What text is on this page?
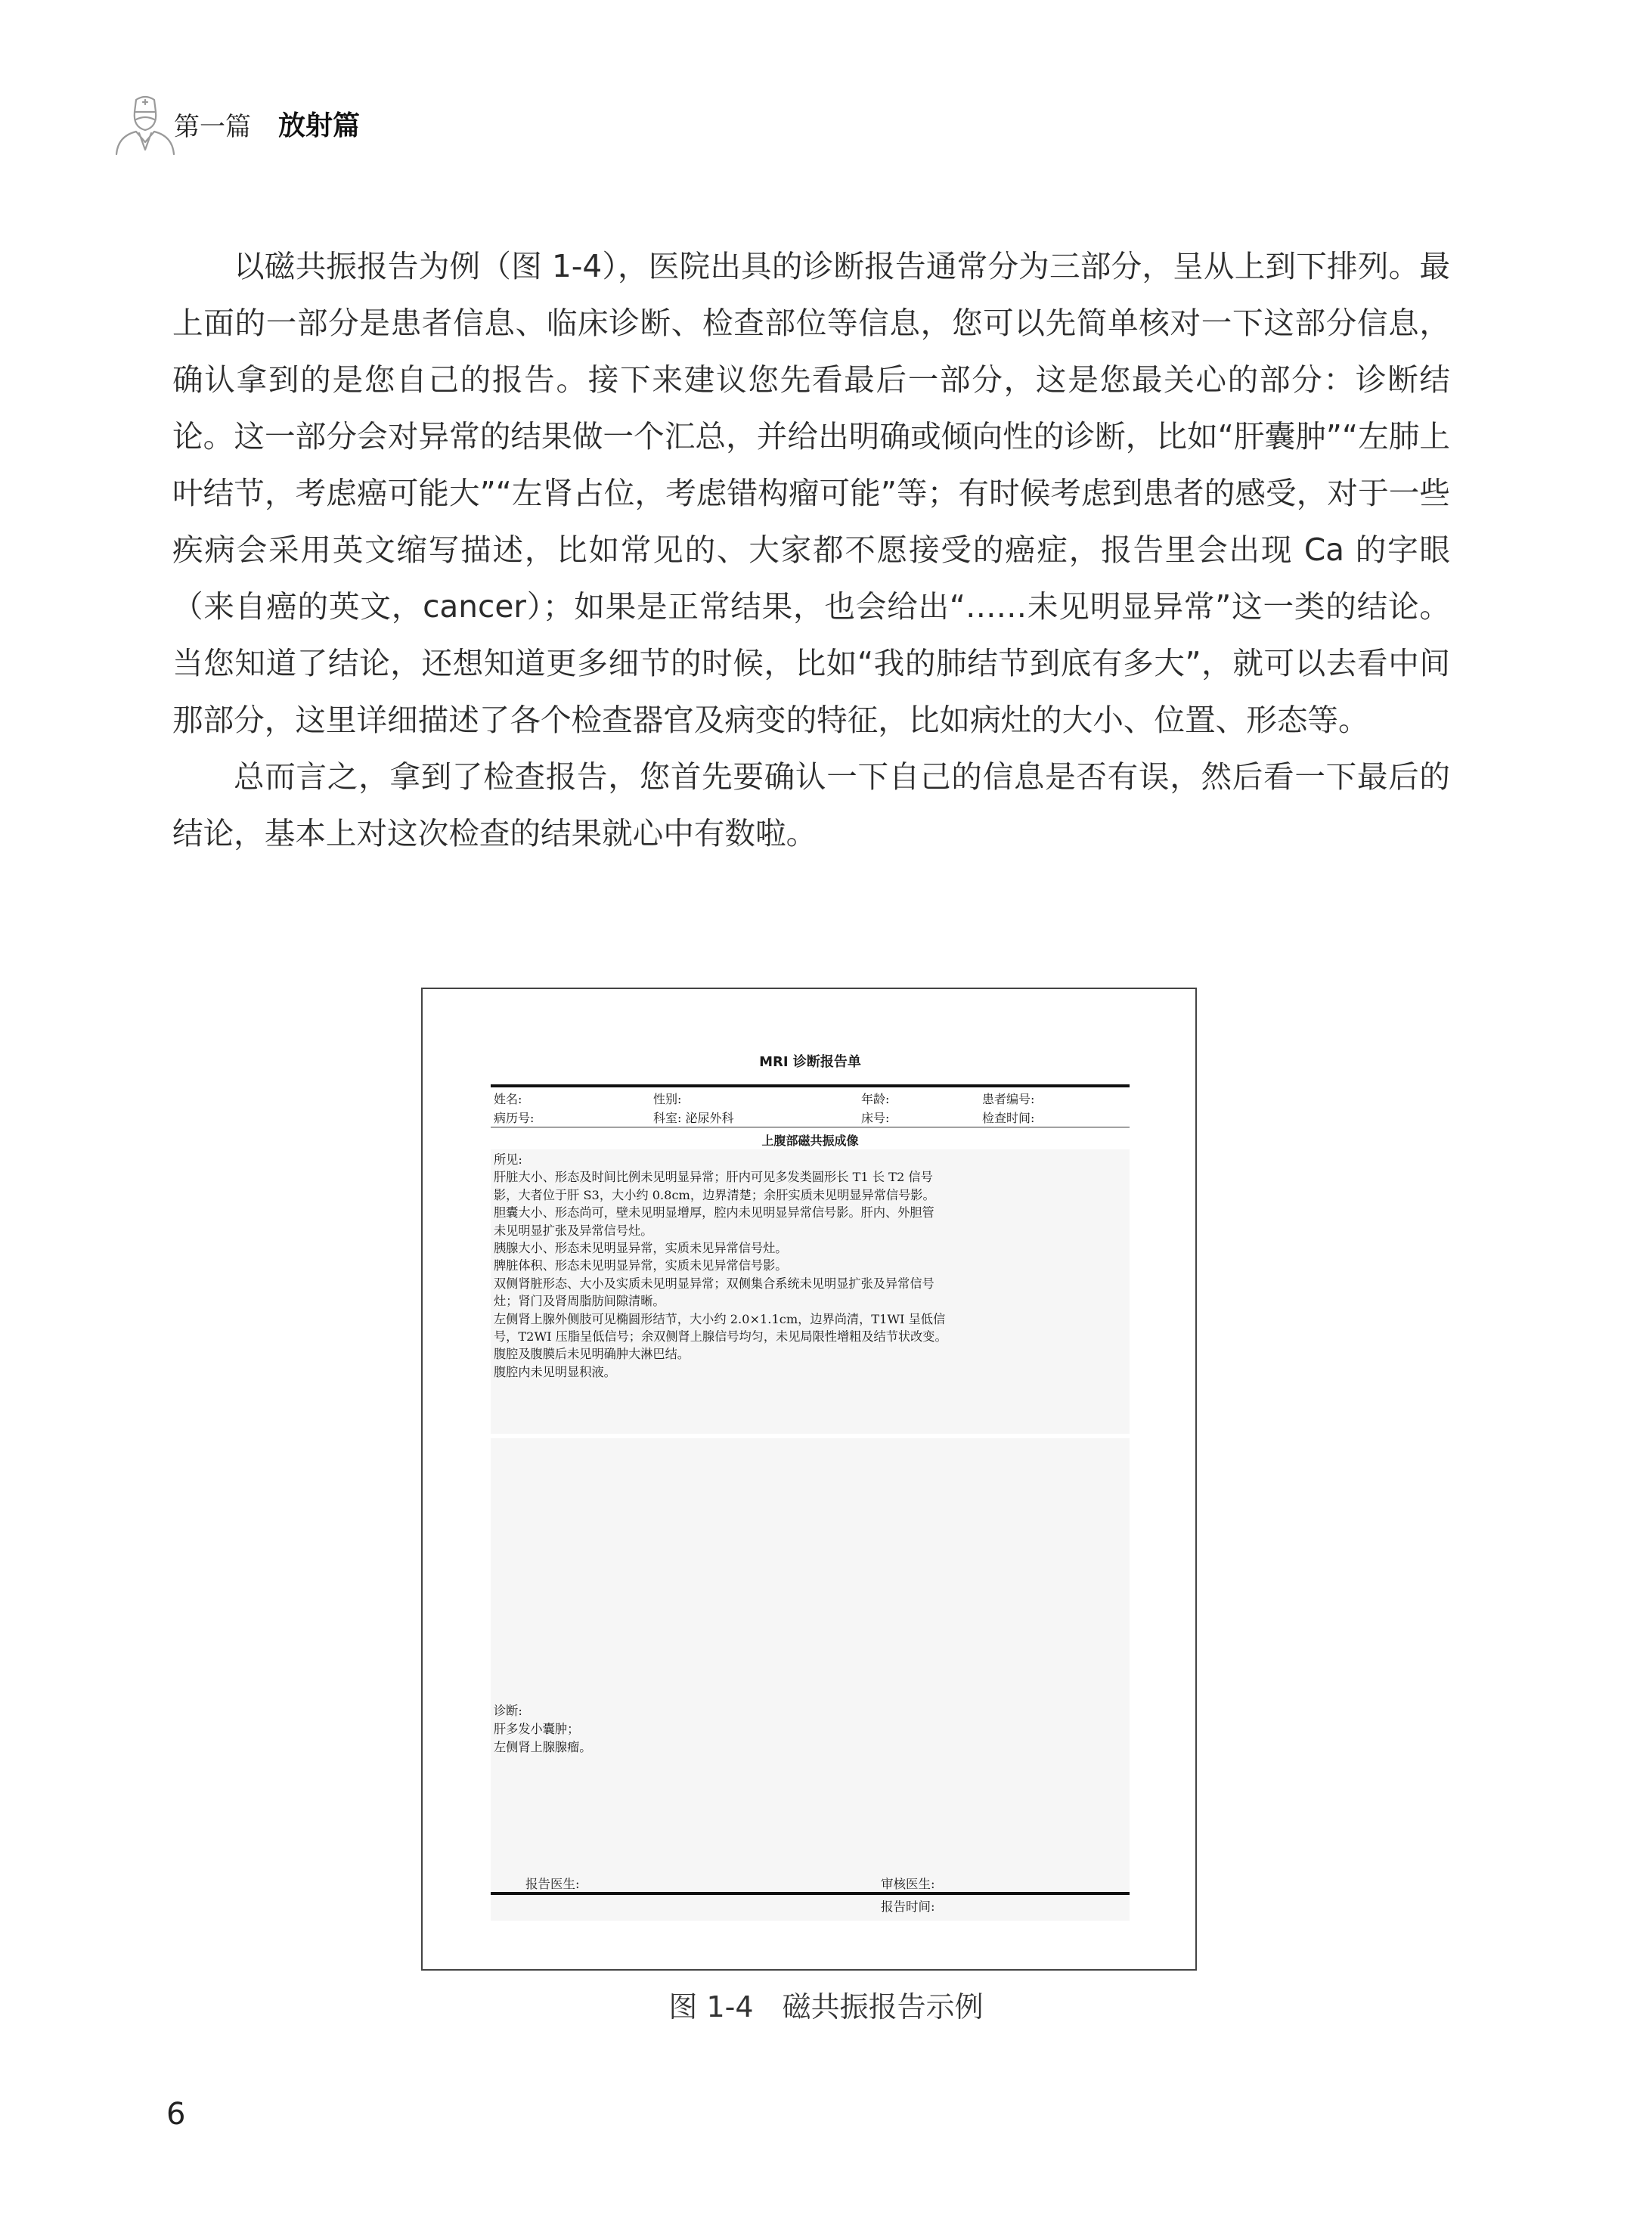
第一篇 放射篇

以磁共振报告为例（图 1-4），医院出具的诊断报告通常分为三部分，呈从上到下排列。最上面的一部分是患者信息、临床诊断、检查部位等信息，您可以先简单核对一下这部分信息，确认拿到的是您自己的报告。接下来建议您先看最后一部分，这是您最关心的部分：诊断结论。这一部分会对异常的结果做一个汇总，并给出明确或倾向性的诊断，比如“肝囊肿”“左肺上叶结节，考虑癌可能大”“左肾占位，考虑错构瘤可能”等；有时候考虑到患者的感受，对于一些疾病会采用英文缩写描述，比如常见的、大家都不愿接受的癌症，报告里会出现 Ca 的字眼（来自癌的英文，cancer）；如果是正常结果，也会给出“……未见明显异常”这一类的结论。当您知道了结论，还想知道更多细节的时候，比如“我的肺结节到底有多大”，就可以去看中间那部分，这里详细描述了各个检查器官及病变的特征，比如病灶的大小、位置、形态等。

总而言之，拿到了检查报告，您首先要确认一下自己的信息是否有误，然后看一下最后的结论，基本上对这次检查的结果就心中有数啦。

MRI 诊断报告单
姓名:	性别:	年龄:	患者编号:
病历号:	科室: 泌尿外科	床号:	检查时间:
上腹部磁共振成像
所见:
肝脏大小、形态及时间比例未见明显异常；肝内可见多发类圆形长 T1 长 T2 信号
影，大者位于肝 S3，大小约 0.8cm，边界清楚；余肝实质未见明显异常信号影。
胆囊大小、形态尚可，壁未见明显增厚，腔内未见明显异常信号影。肝内、外胆管
未见明显扩张及异常信号灶。
胰腺大小、形态未见明显异常，实质未见异常信号灶。
脾脏体积、形态未见明显异常，实质未见异常信号影。
双侧肾脏形态、大小及实质未见明显异常；双侧集合系统未见明显扩张及异常信号
灶；肾门及肾周脂肪间隙清晰。
左侧肾上腺外侧肢可见椭圆形结节，大小约 2.0×1.1cm，边界尚清，T1WI 呈低信
号，T2WI 压脂呈低信号；余双侧肾上腺信号均匀，未见局限性增粗及结节状改变。
腹腔及腹膜后未见明确肿大淋巴结。
腹腔内未见明显积液。
诊断:
肝多发小囊肿；
左侧肾上腺腺瘤。
报告医生:	审核医生:
报告时间:
图 1-4　磁共振报告示例
6
